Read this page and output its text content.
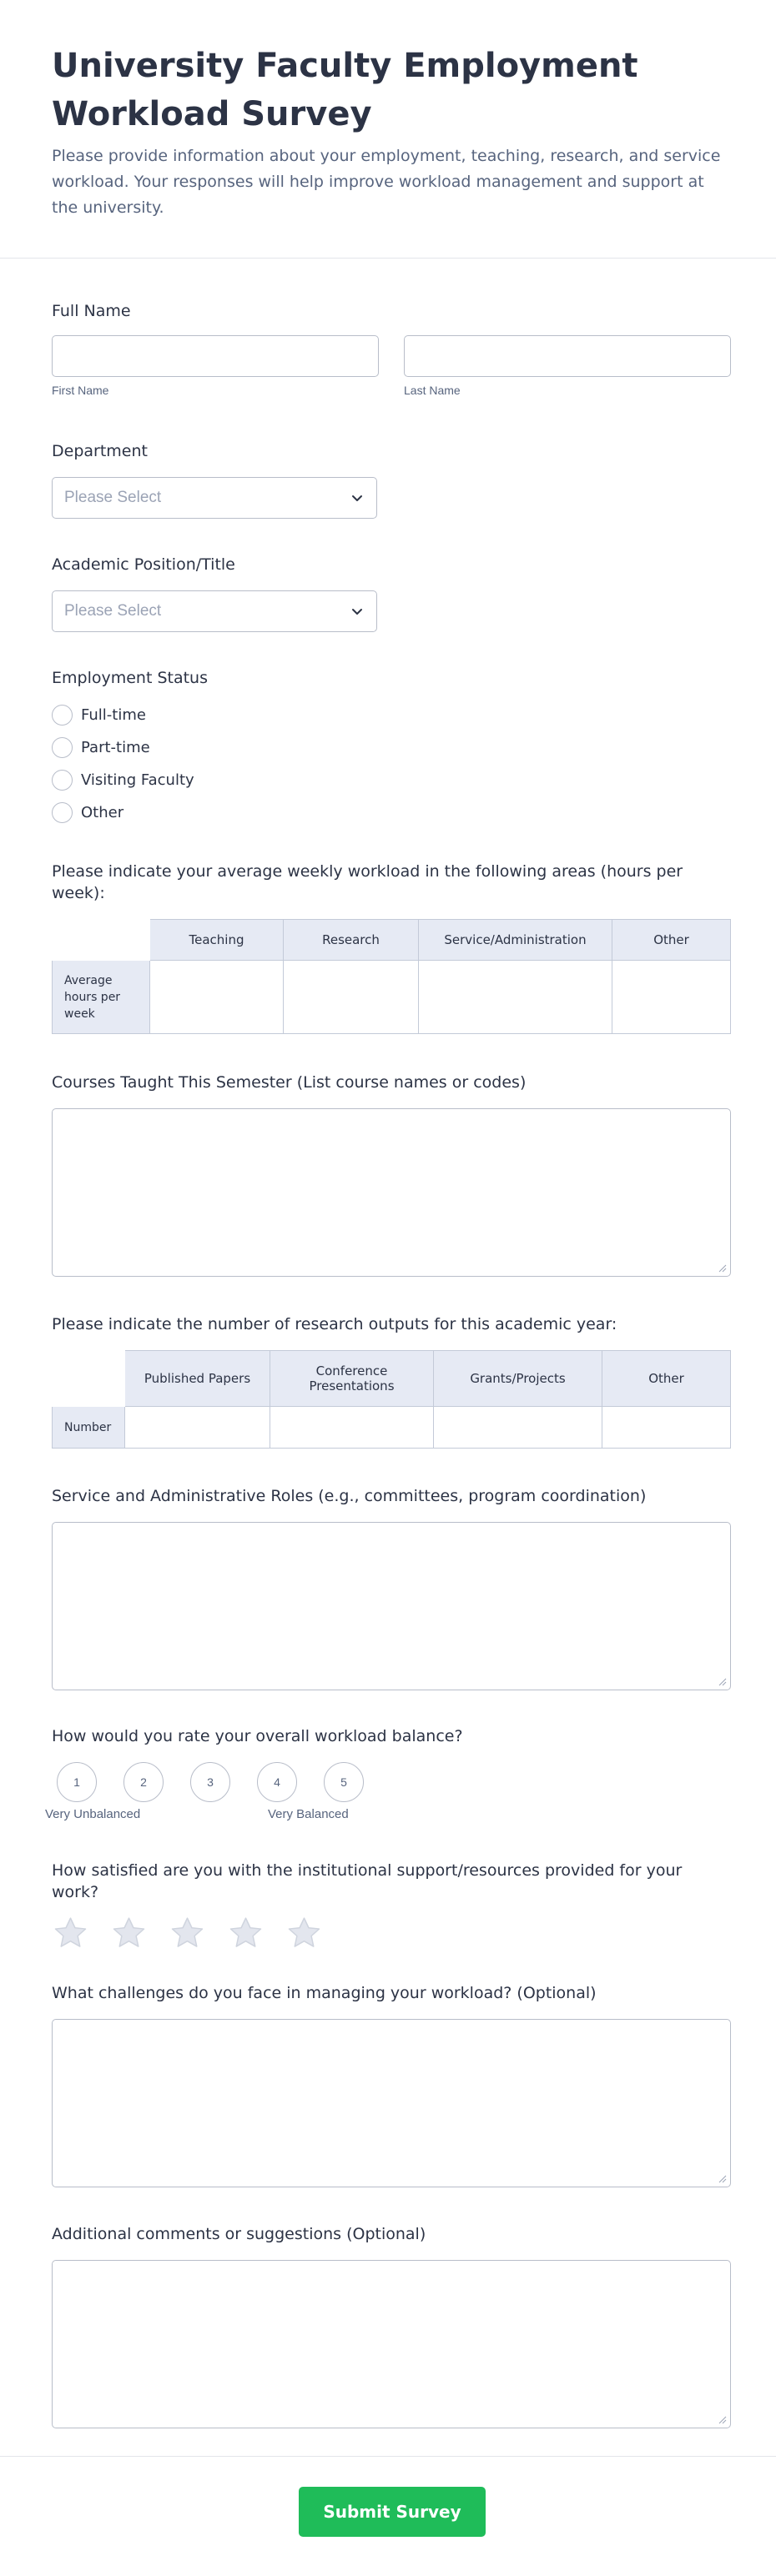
University Faculty Employment Workload Survey

Please provide information about your employment, teaching, research, and service workload. Your responses will help improve workload management and support at the university.

Full Name
First Name	Last Name
Department
Please Select
Academic Position/Title
Please Select
Employment Status
Full-time
Part-time
Visiting Faculty
Other
Please indicate your average weekly workload in the following areas (hours per week):
	Teaching	Research	Service/Administration	Other
Average hours per week				
Courses Taught This Semester (List course names or codes)
Please indicate the number of research outputs for this academic year:
	Published Papers	Conference Presentations	Grants/Projects	Other
Number				
Service and Administrative Roles (e.g., committees, program coordination)
How would you rate your overall workload balance?
1	2	3	4	5
Very Unbalanced	Very Balanced
How satisfied are you with the institutional support/resources provided for your work?
What challenges do you face in managing your workload? (Optional)
Additional comments or suggestions (Optional)
Submit Survey
